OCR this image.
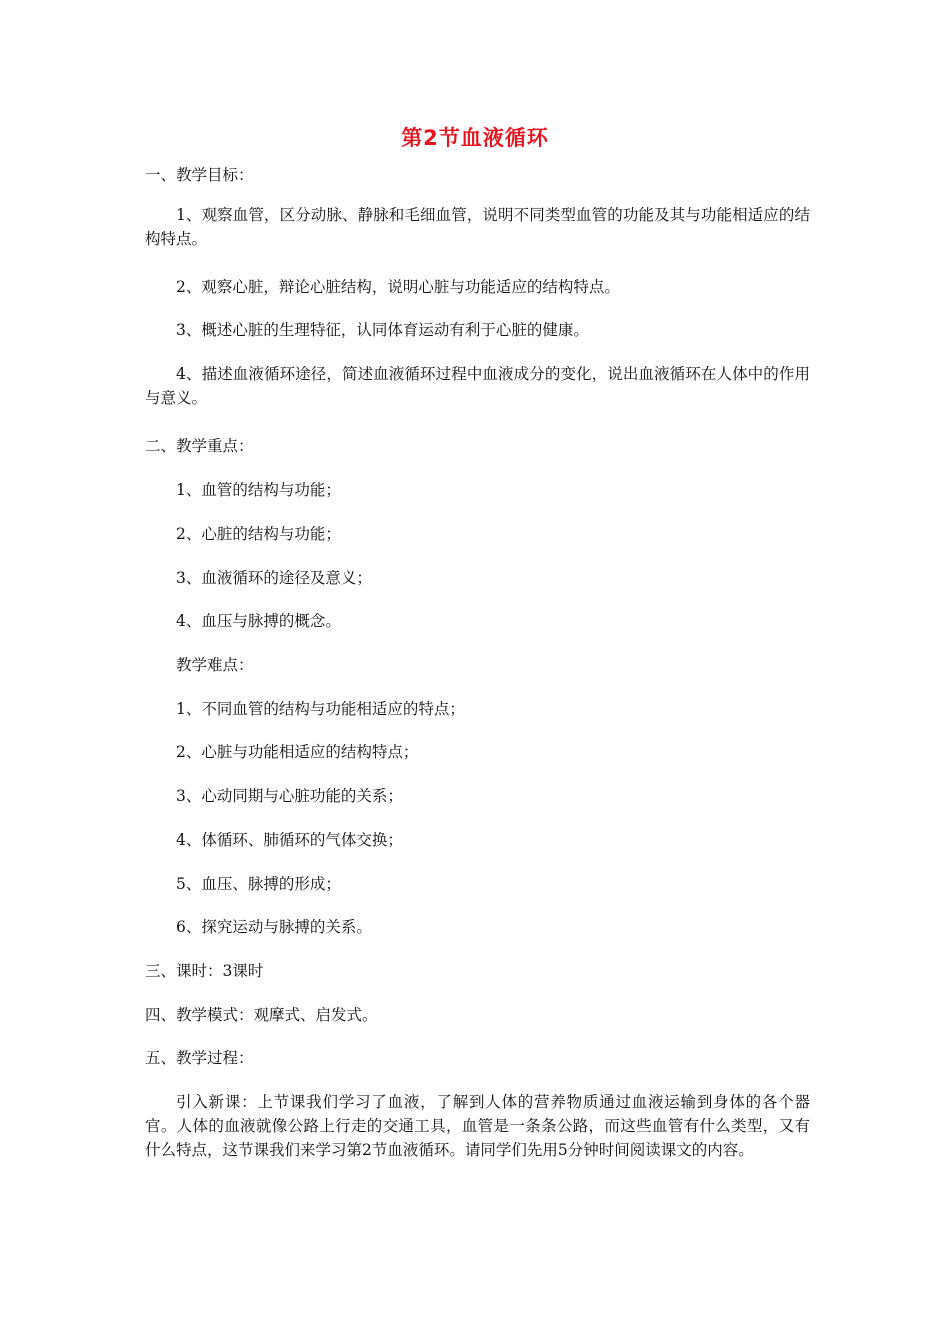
第2节血液循环
一、教学目标：
1、观察血管，区分动脉、静脉和毛细血管，说明不同类型血管的功能及其与功能相适应的结构特点。
2、观察心脏，辩论心脏结构，说明心脏与功能适应的结构特点。
3、概述心脏的生理特征，认同体育运动有利于心脏的健康。
4、描述血液循环途径，简述血液循环过程中血液成分的变化，说出血液循环在人体中的作用与意义。
二、教学重点：
1、血管的结构与功能；
2、心脏的结构与功能；
3、血液循环的途径及意义；
4、血压与脉搏的概念。
教学难点：
1、不同血管的结构与功能相适应的特点；
2、心脏与功能相适应的结构特点；
3、心动同期与心脏功能的关系；
4、体循环、肺循环的气体交换；
5、血压、脉搏的形成；
6、探究运动与脉搏的关系。
三、课时：3课时
四、教学模式：观摩式、启发式。
五、教学过程：
引入新课：上节课我们学习了血液，了解到人体的营养物质通过血液运输到身体的各个器官。人体的血液就像公路上行走的交通工具，血管是一条条公路，而这些血管有什么类型，又有什么特点，这节课我们来学习第2节血液循环。请同学们先用5分钟时间阅读课文的内容。
